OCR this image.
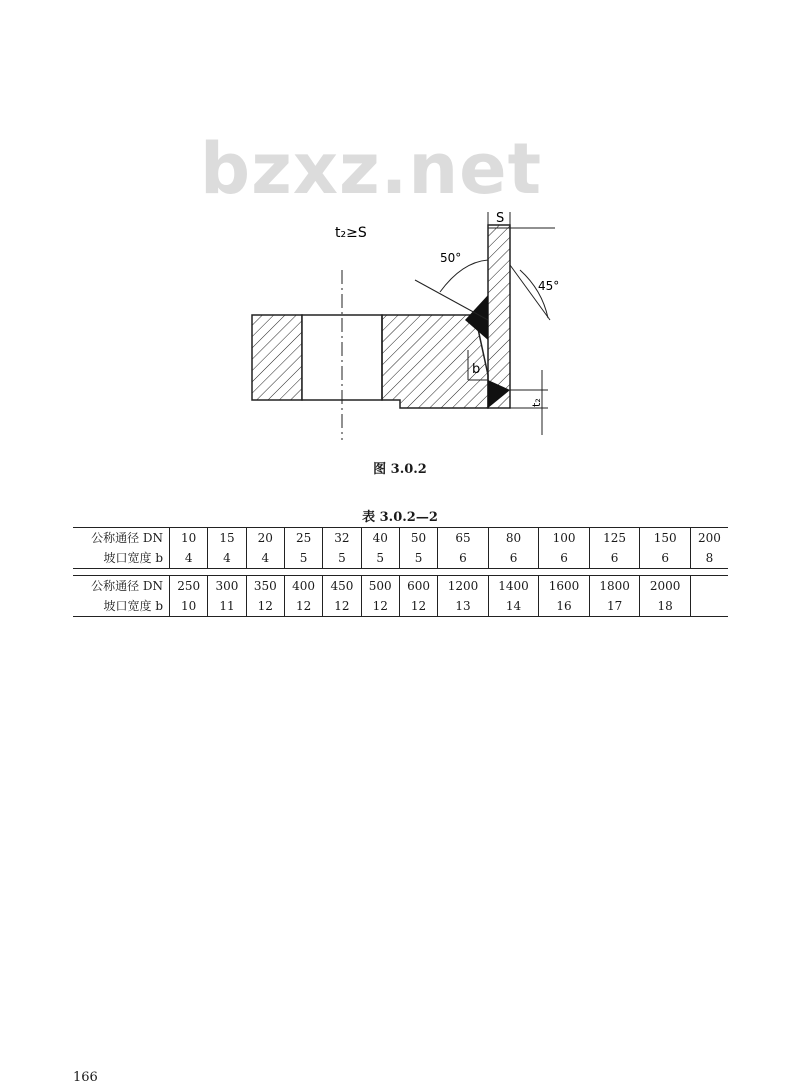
bzxz.net
t₂≥S
S
50°
45°
b
t₂
图 3.0.2
表 3.0.2—2
公称通径 DN	10	15	20	25	32	40	50	65	80	100	125	150	200
坡口宽度 b	4	4	4	5	5	5	5	6	6	6	6	6	8

公称通径 DN	250	300	350	400	450	500	600	1200	1400	1600	1800	2000	
坡口宽度 b	10	11	12	12	12	12	12	13	14	16	17	18	
166
